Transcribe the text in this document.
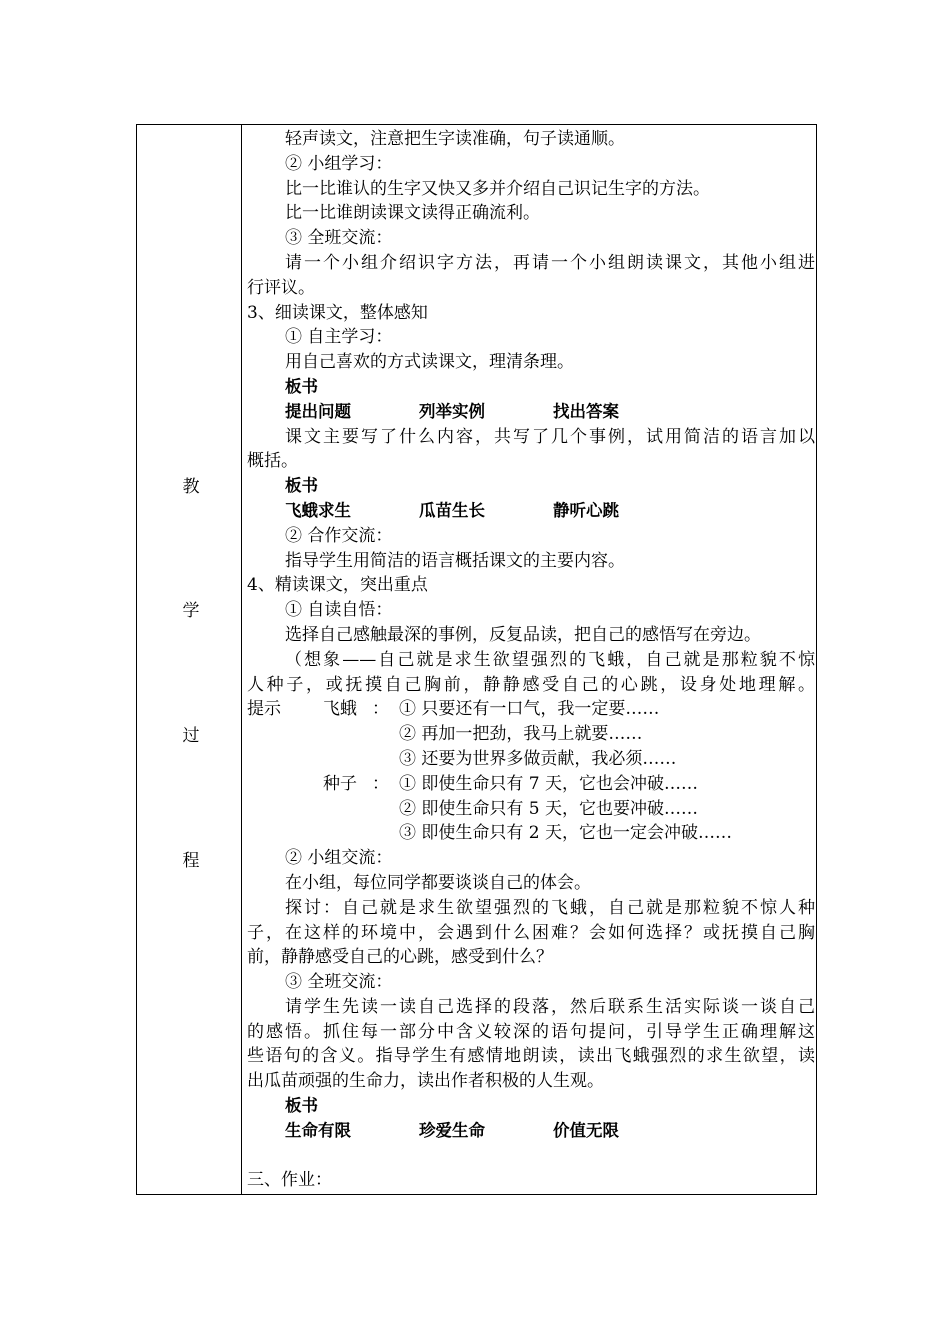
教
学
过
程
轻声读文，注意把生字读准确，句子读通顺。
② 小组学习：
比一比谁认的生字又快又多并介绍自己识记生字的方法。
比一比谁朗读课文读得正确流利。
③ 全班交流：
请一个小组介绍识字方法，再请一个小组朗读课文，其他小组进
行评议。
3、细读课文，整体感知
① 自主学习：
用自己喜欢的方式读课文，理清条理。
板书
提出问题	列举实例	找出答案
课文主要写了什么内容，共写了几个事例，试用简洁的语言加以
概括。
板书
飞蛾求生	瓜苗生长	静听心跳
② 合作交流：
指导学生用简洁的语言概括课文的主要内容。
4、精读课文，突出重点
① 自读自悟：
选择自己感触最深的事例，反复品读，把自己的感悟写在旁边。
（想象——自己就是求生欲望强烈的飞蛾，自己就是那粒貌不惊
人种子，或抚摸自己胸前，静静感受自己的心跳，设身处地理解。
提示 飞蛾 ： ① 只要还有一口气，我一定要……
② 再加一把劲，我马上就要……
③ 还要为世界多做贡献，我必须……
种子 ： ① 即使生命只有 7 天，它也会冲破……
② 即使生命只有 5 天，它也要冲破……
③ 即使生命只有 2 天，它也一定会冲破……
② 小组交流：
在小组，每位同学都要谈谈自己的体会。
探讨：自己就是求生欲望强烈的飞蛾，自己就是那粒貌不惊人种
子，在这样的环境中，会遇到什么困难？会如何选择？或抚摸自己胸
前，静静感受自己的心跳，感受到什么？
③ 全班交流：
请学生先读一读自己选择的段落，然后联系生活实际谈一谈自己
的感悟。抓住每一部分中含义较深的语句提问，引导学生正确理解这
些语句的含义。指导学生有感情地朗读，读出飞蛾强烈的求生欲望，读
出瓜苗顽强的生命力，读出作者积极的人生观。
板书
生命有限	珍爱生命	价值无限
三、作业：
